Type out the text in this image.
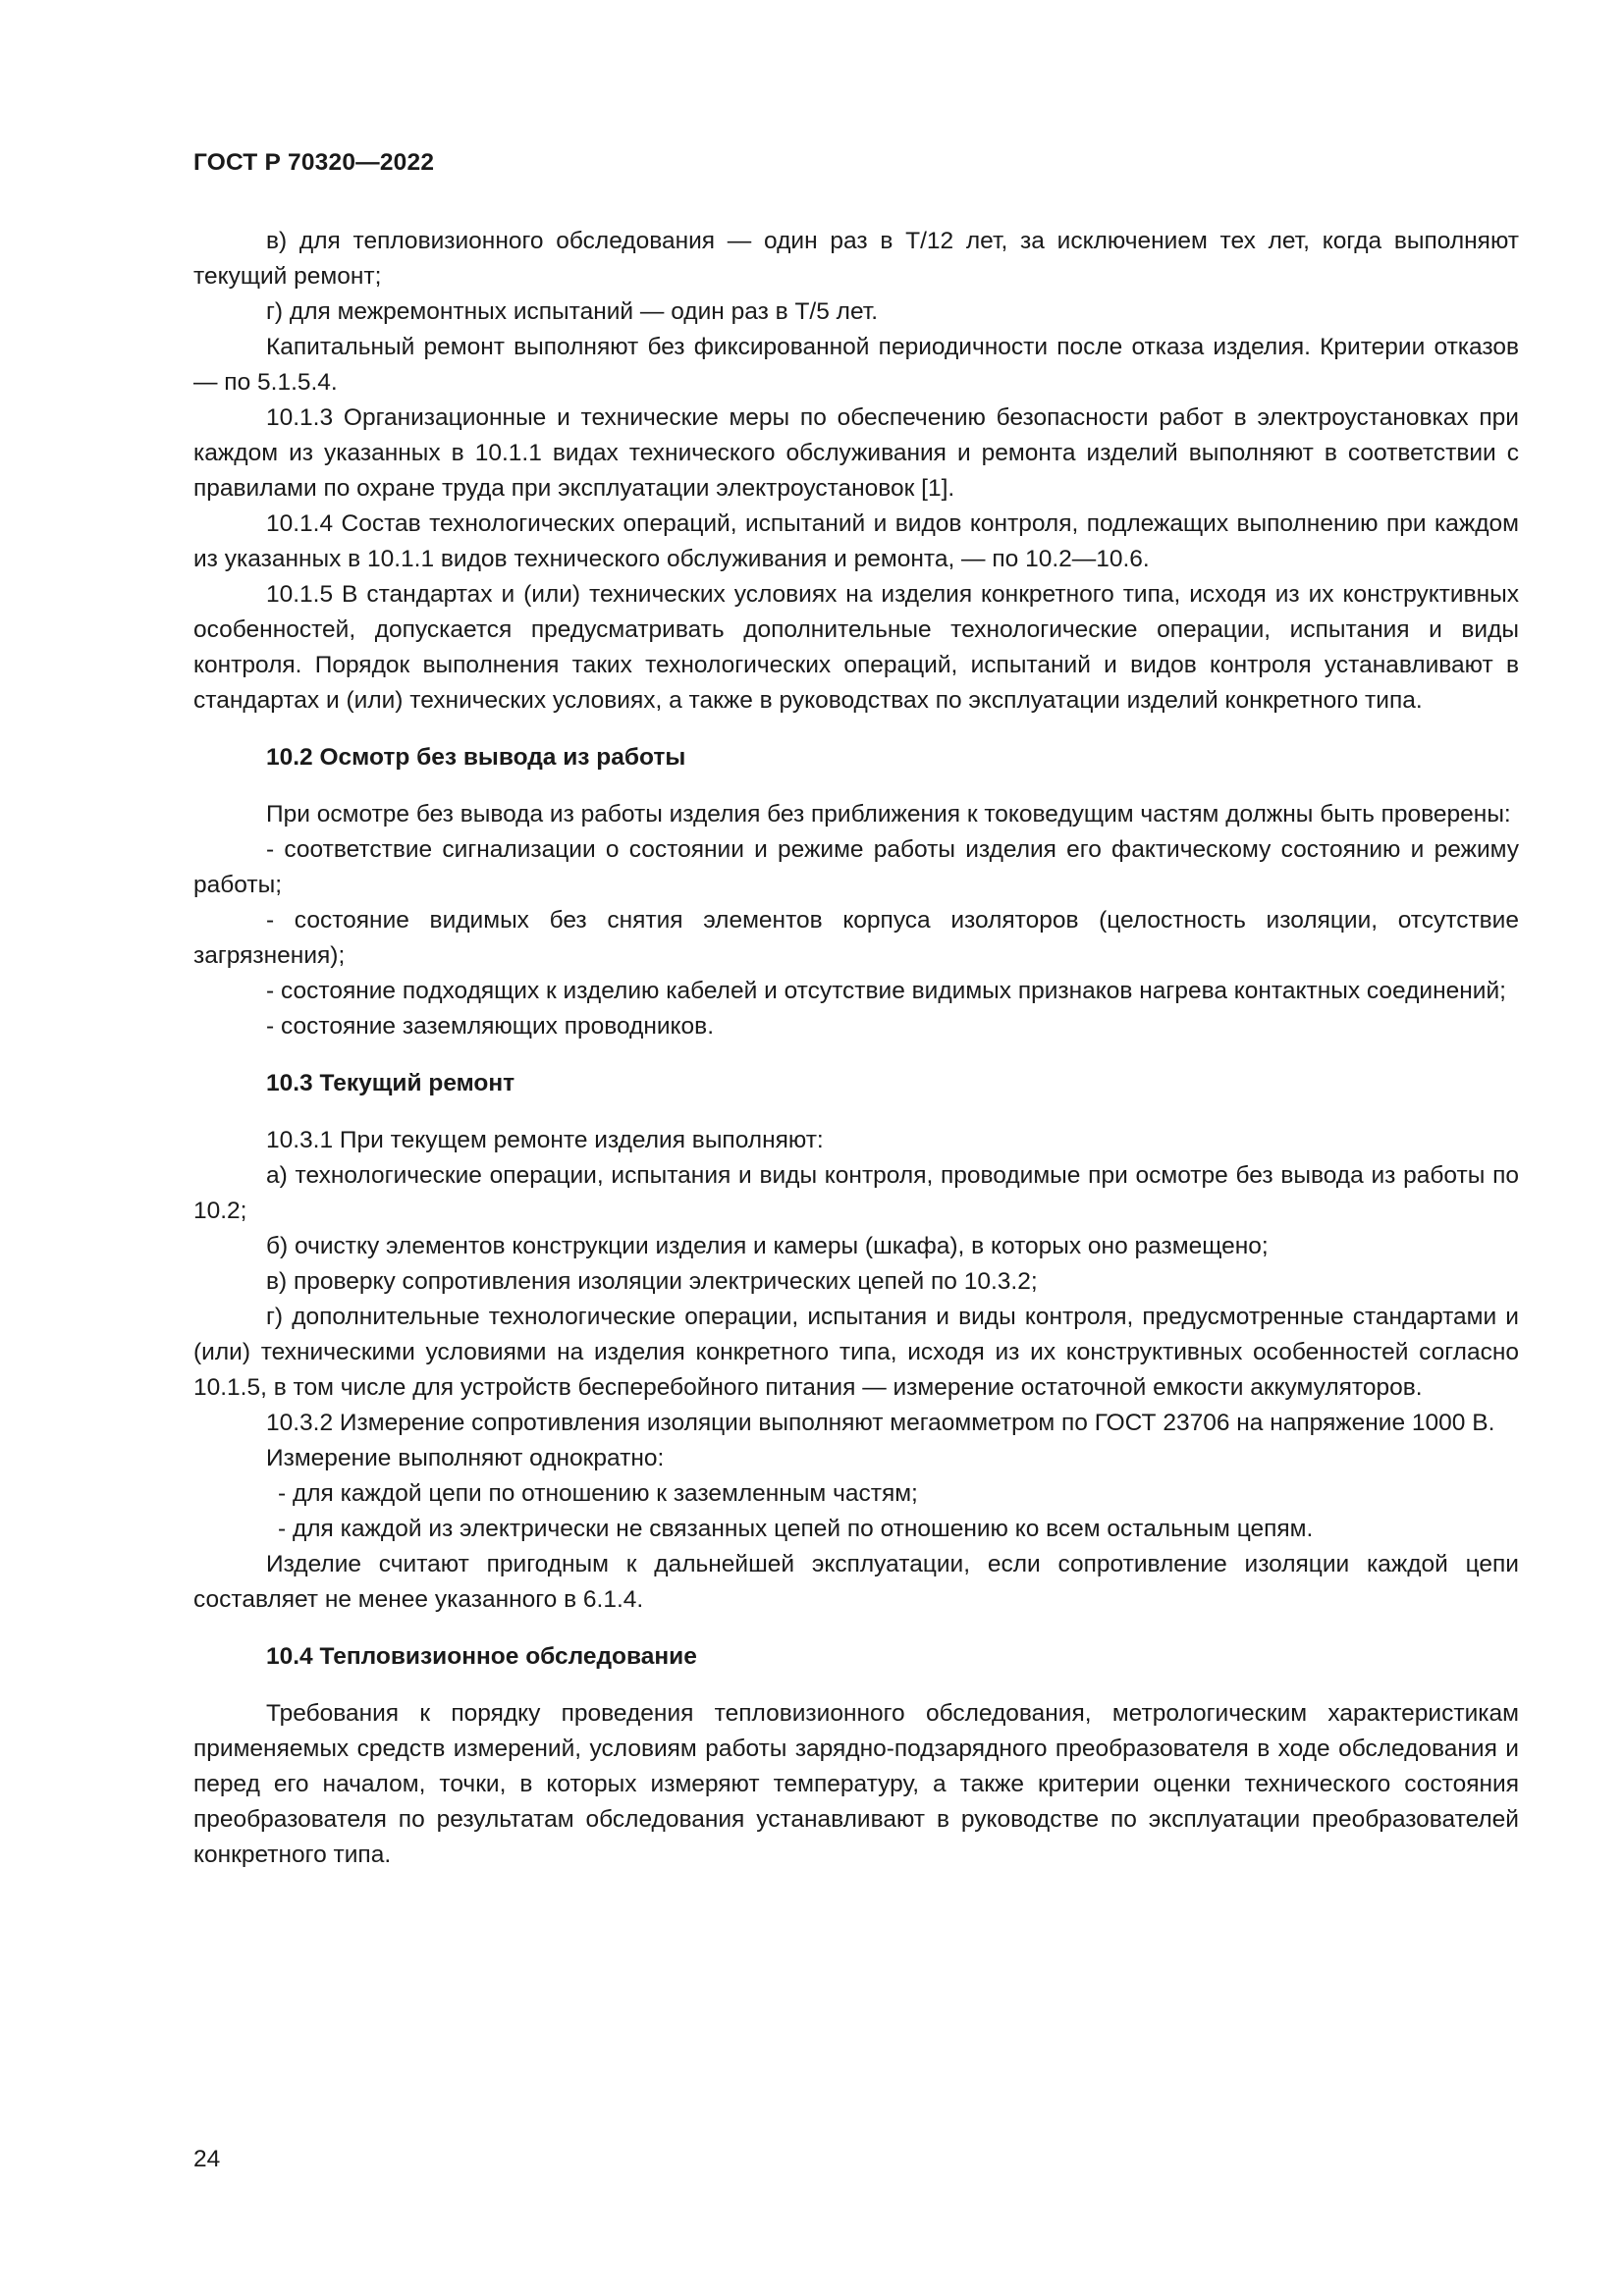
ГОСТ Р 70320—2022

в) для тепловизионного обследования — один раз в Т/12 лет, за исключением тех лет, когда выполняют текущий ремонт;

г) для межремонтных испытаний — один раз в Т/5 лет.

Капитальный ремонт выполняют без фиксированной периодичности после отказа изделия. Критерии отказов — по 5.1.5.4.

10.1.3 Организационные и технические меры по обеспечению безопасности работ в электроустановках при каждом из указанных в 10.1.1 видах технического обслуживания и ремонта изделий выполняют в соответствии с правилами по охране труда при эксплуатации электроустановок [1].

10.1.4 Состав технологических операций, испытаний и видов контроля, подлежащих выполнению при каждом из указанных в 10.1.1 видов технического обслуживания и ремонта, — по 10.2—10.6.

10.1.5 В стандартах и (или) технических условиях на изделия конкретного типа, исходя из их конструктивных особенностей, допускается предусматривать дополнительные технологические операции, испытания и виды контроля. Порядок выполнения таких технологических операций, испытаний и видов контроля устанавливают в стандартах и (или) технических условиях, а также в руководствах по эксплуатации изделий конкретного типа.

10.2 Осмотр без вывода из работы

При осмотре без вывода из работы изделия без приближения к токоведущим частям должны быть проверены:

- соответствие сигнализации о состоянии и режиме работы изделия его фактическому состоянию и режиму работы;

- состояние видимых без снятия элементов корпуса изоляторов (целостность изоляции, отсутствие загрязнения);

- состояние подходящих к изделию кабелей и отсутствие видимых признаков нагрева контактных соединений;

- состояние заземляющих проводников.

10.3 Текущий ремонт

10.3.1 При текущем ремонте изделия выполняют:

а) технологические операции, испытания и виды контроля, проводимые при осмотре без вывода из работы по 10.2;

б) очистку элементов конструкции изделия и камеры (шкафа), в которых оно размещено;

в) проверку сопротивления изоляции электрических цепей по 10.3.2;

г) дополнительные технологические операции, испытания и виды контроля, предусмотренные стандартами и (или) техническими условиями на изделия конкретного типа, исходя из их конструктивных особенностей согласно 10.1.5, в том числе для устройств бесперебойного питания — измерение остаточной емкости аккумуляторов.

10.3.2 Измерение сопротивления изоляции выполняют мегаомметром по ГОСТ 23706 на напряжение 1000 В.

Измерение выполняют однократно:

- для каждой цепи по отношению к заземленным частям;

- для каждой из электрически не связанных цепей по отношению ко всем остальным цепям.

Изделие считают пригодным к дальнейшей эксплуатации, если сопротивление изоляции каждой цепи составляет не менее указанного в 6.1.4.

10.4 Тепловизионное обследование

Требования к порядку проведения тепловизионного обследования, метрологическим характеристикам применяемых средств измерений, условиям работы зарядно-подзарядного преобразователя в ходе обследования и перед его началом, точки, в которых измеряют температуру, а также критерии оценки технического состояния преобразователя по результатам обследования устанавливают в руководстве по эксплуатации преобразователей конкретного типа.

24
